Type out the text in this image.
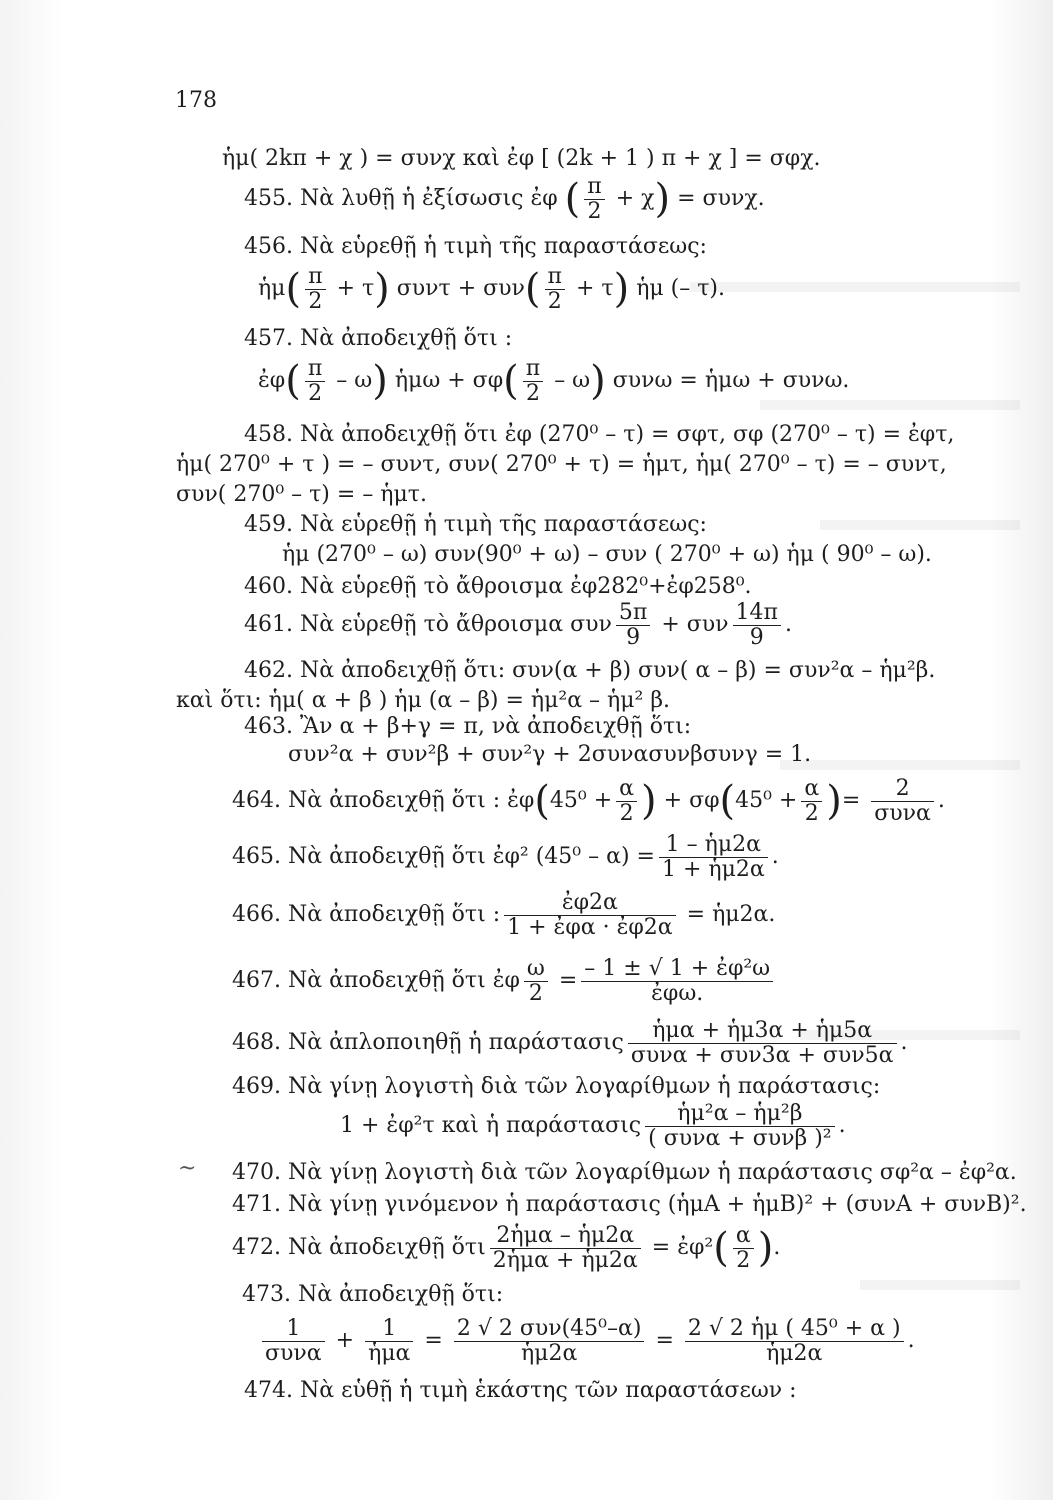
178
ἡμ( 2kπ + χ ) = συνχ καὶ ἐφ [ (2k + 1 ) π + χ ] = σφχ.
455. Νὰ λυθῇ ἡ ἐξίσωσις ἐφ ( $\frac{\pi}{2} + \chi) = \sigma\upsilon\nu\chi$.
456. Νὰ εὑρεθῇ ἡ τιμὴ τῆς παραστάσεως:
ἡμ( $\frac{\pi}{2} + \tau$) $\sigma\upsilon\nu\tau + \sigma\upsilon\nu( \frac{\pi}{2} + \tau)$ ἡμ (– τ).
457. Νὰ ἀποδειχθῇ ὅτι :
ἐφ( $\frac{\pi}{2} - \omega$) ἡμω + $\sigma\varphi( \frac{\pi}{2} - \omega)$ συνω = ἡμω + συνω.
458. Νὰ ἀποδειχθῇ ὅτι ἐφ (270⁰ – τ) = σφτ, σφ (270⁰ – τ) = ἐφτ,
ἡμ( 270⁰ + τ ) = – συντ, συν( 270⁰ + τ) = ἡμτ, ἡμ( 270⁰ – τ) = – συντ,
συν( 270⁰ – τ) = – ἡμτ.
459. Νὰ εὑρεθῇ ἡ τιμὴ τῆς παραστάσεως:
ἡμ (270⁰ – ω) συν(90⁰ + ω) – συν ( 270⁰ + ω) ἡμ ( 90⁰ – ω).
460. Νὰ εὑρεθῇ τὸ ἄθροισμα ἐφ282⁰+ἐφ258⁰.
461. Νὰ εὑρεθῇ τὸ ἄθροισμα συν $\frac{5\pi}{9} + \sigma\upsilon\nu \frac{14\pi}{9}$ .
462. Νὰ ἀποδειχθῇ ὅτι: συν(α + β) συν( α – β) = συν²α – ἡμ²β.
καὶ ὅτι: ἡμ( α + β ) ἡμ (α – β) = ἡμ²α – ἡμ² β.
463. Ἂν α + β+γ = π, νὰ ἀποδειχθῇ ὅτι:
συν²α + συν²β + συν²γ + 2συνασυνβσυνγ = 1.
464. Νὰ ἀποδειχθῇ ὅτι : ἐφ(45⁰ + $\frac{\alpha}{2}$ ) + $\sigma\varphi(45^0 + \frac{\alpha}{2}$ )= $\frac{2}{\text{συνα}}$ .
465. Νὰ ἀποδειχθῇ ὅτι ἐφ² $(45^0 - \alpha) = \frac{\text{1 – ἡμ2α}}{\text{1 + ἡμ2α}}$ .
466. Νὰ ἀποδειχθῇ ὅτι : $\frac{\text{ἐφ2α}}{\text{1 + ἐφα · ἐφ2α}}$ = ἡμ2α.
467. Νὰ ἀποδειχθῇ ὅτι ἐφ $\frac{\omega}{2} = \frac{\text{– 1 ± √ 1 + ἐφ²ω}}{\text{ἐφω.}}$
468. Νὰ ἀπλοποιηθῇ ἡ παράστασις $\frac{\text{ἡμα + ἡμ3α + ἡμ5α}}{\text{συνα + συν3α + συν5α}}$ .
469. Νὰ γίνῃ λογιστὴ διὰ τῶν λογαρίθμων ἡ παράστασις:
1 + ἐφ²τ καὶ ἡ παράστασις $\frac{\text{ἡμ²α – ἡμ²β}}{\text{( συνα + συνβ )²}}$ .
~ 470. Νὰ γίνῃ λογιστὴ διὰ τῶν λογαρίθμων ἡ παράστασις σφ²α – ἐφ²α.
471. Νὰ γίνῃ γινόμενον ἡ παράστασις (ἡμΑ + ἡμΒ)² + (συνΑ + συνΒ)².
472. Νὰ ἀποδειχθῇ ὅτι $\frac{\text{2ἡμα – ἡμ2α}}{\text{2ἡμα + ἡμ2α}}$ = ἐφ²( $\frac{\alpha}{2}$ ).
473. Νὰ ἀποδειχθῇ ὅτι:
$\frac{1}{\text{συνα}} + \frac{1}{\text{ἡμα}} = \frac{\text{2 √ 2 συν(45⁰–α)}}{\text{ἡμ2α}} = \frac{\text{2 √ 2 ἡμ ( 45⁰ + α )}}{\text{ἡμ2α}}$ .
474. Νὰ εὑθῇ ἡ τιμὴ ἑκάστης τῶν παραστάσεων :
